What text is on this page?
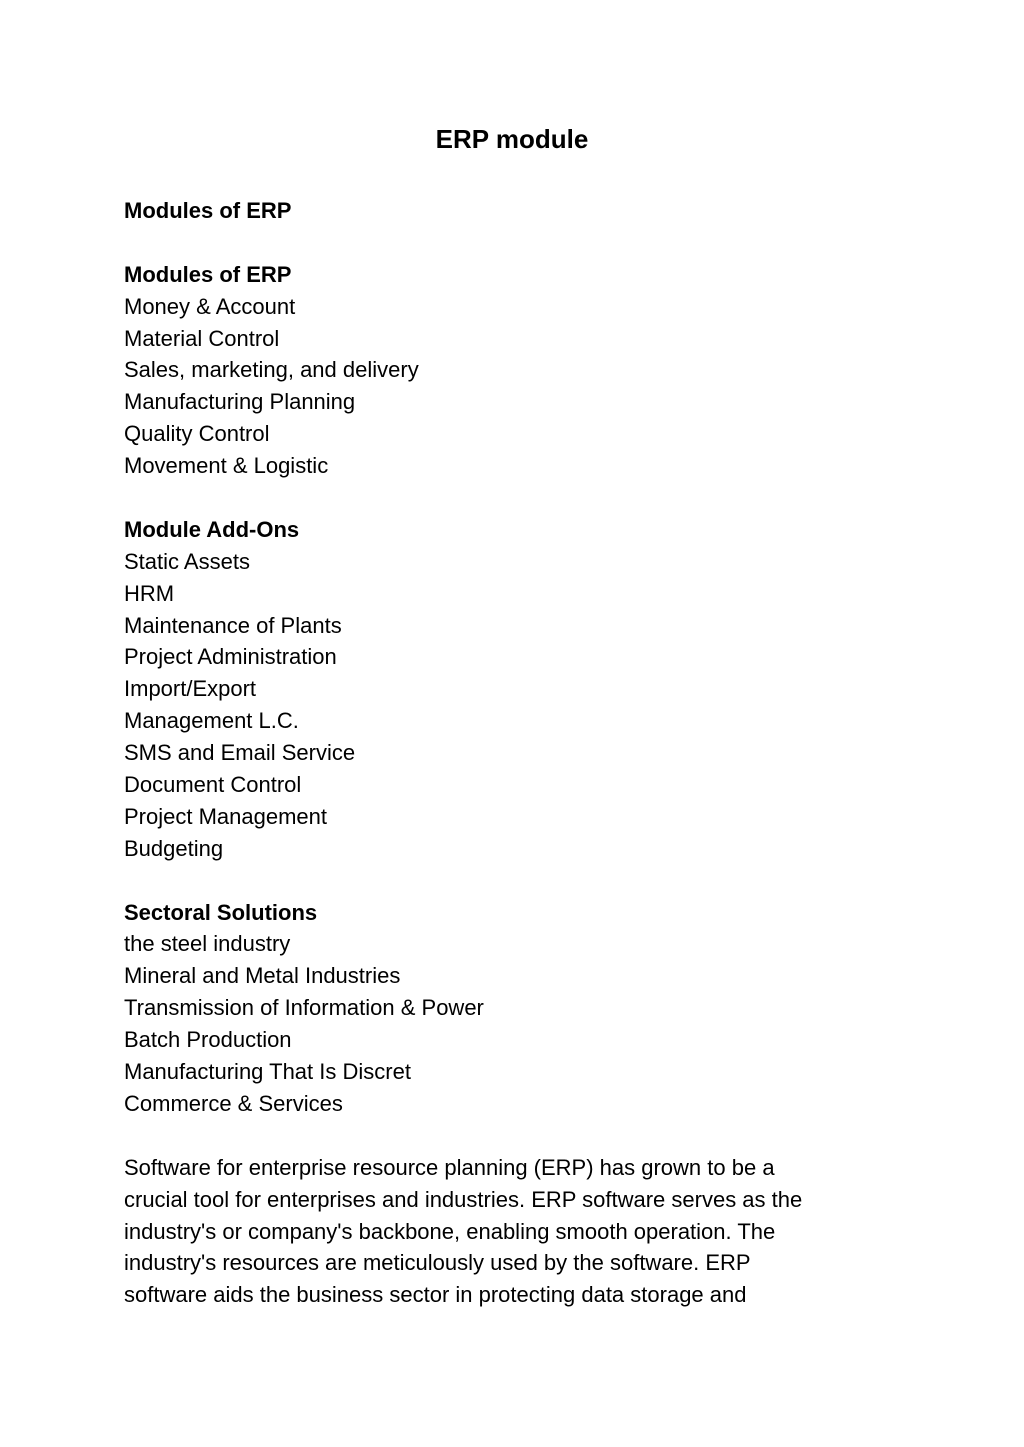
ERP module
Modules of ERP
Modules of ERP
Money & Account
Material Control
Sales, marketing, and delivery
Manufacturing Planning
Quality Control
Movement & Logistic
Module Add-Ons
Static Assets
HRM
Maintenance of Plants
Project Administration
Import/Export
Management L.C.
SMS and Email Service
Document Control
Project Management
Budgeting
Sectoral Solutions
the steel industry
Mineral and Metal Industries
Transmission of Information & Power
Batch Production
Manufacturing That Is Discret
Commerce & Services
Software for enterprise resource planning (ERP) has grown to be a
crucial tool for enterprises and industries. ERP software serves as the
industry's or company's backbone, enabling smooth operation. The
industry's resources are meticulously used by the software. ERP
software aids the business sector in protecting data storage and
